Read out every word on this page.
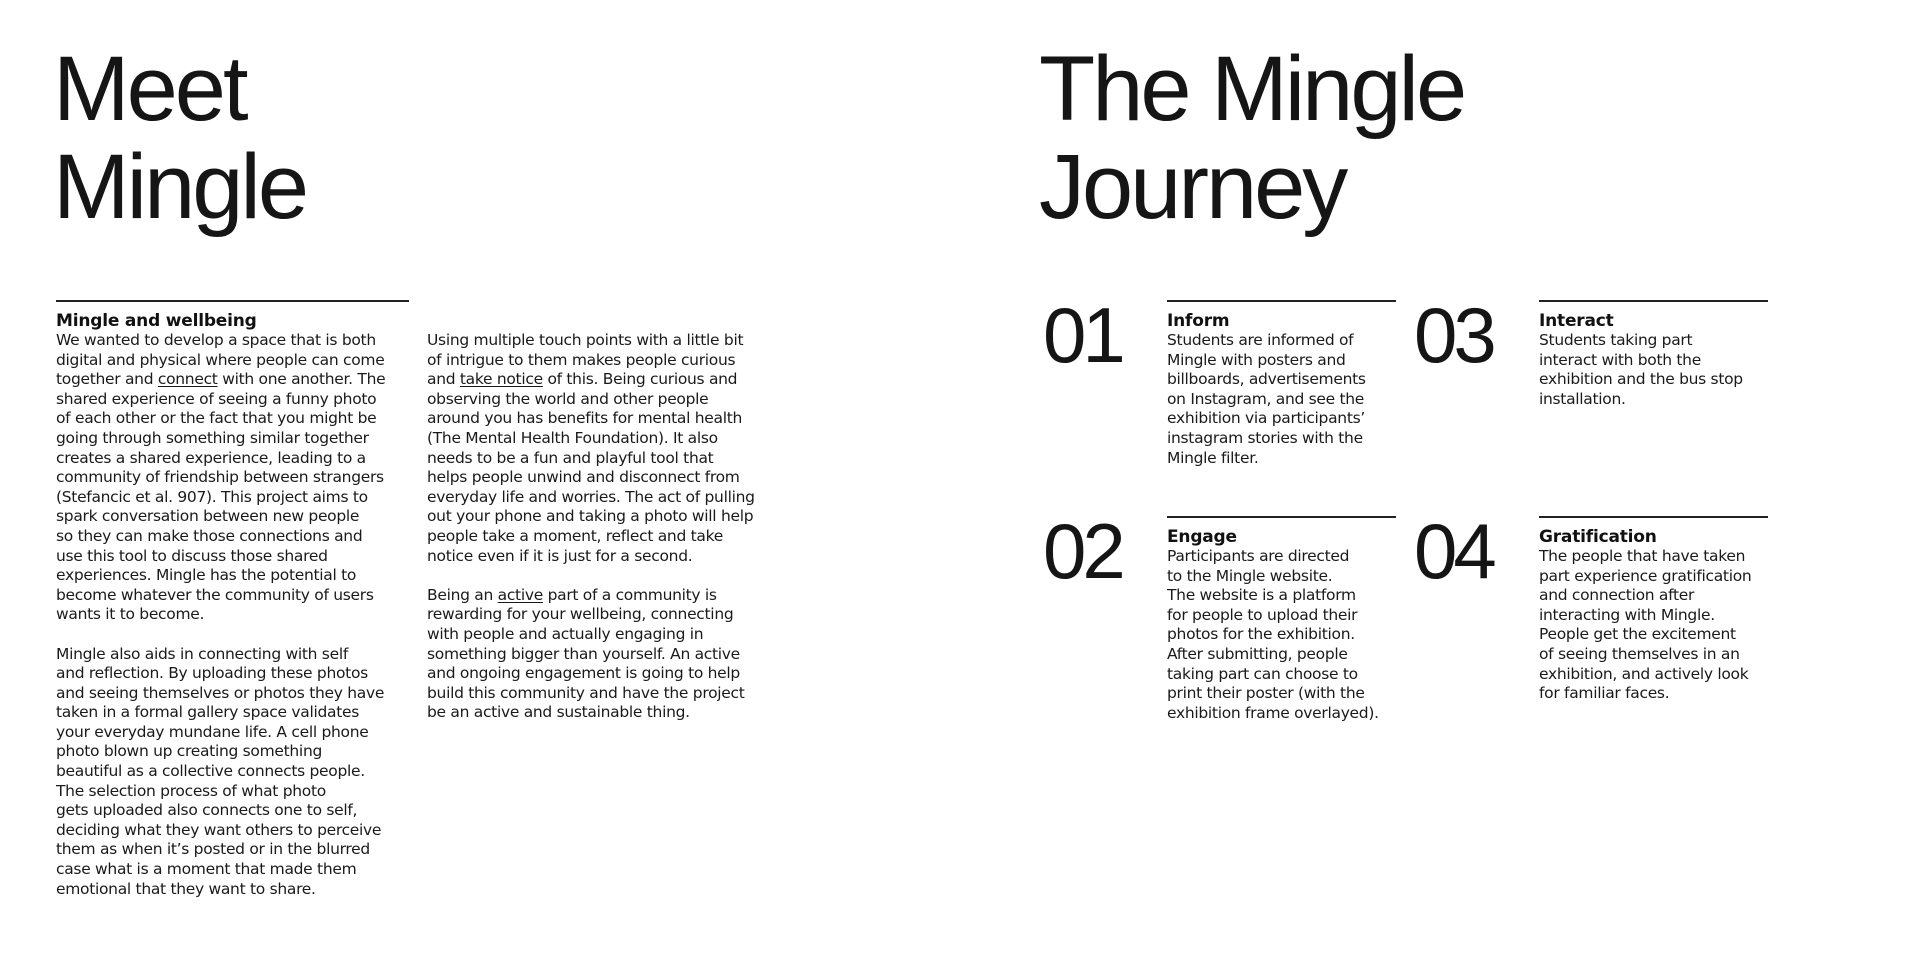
Meet
Mingle
Mingle and wellbeing
We wanted to develop a space that is both
digital and physical where people can come
together and connect with one another. The
shared experience of seeing a funny photo
of each other or the fact that you might be
going through something similar together
creates a shared experience, leading to a
community of friendship between strangers
(Stefancic et al. 907). This project aims to
spark conversation between new people
so they can make those connections and
use this tool to discuss those shared
experiences. Mingle has the potential to
become whatever the community of users
wants it to become.
Mingle also aids in connecting with self
and reflection. By uploading these photos
and seeing themselves or photos they have
taken in a formal gallery space validates
your everyday mundane life. A cell phone
photo blown up creating something
beautiful as a collective connects people.
The selection process of what photo
gets uploaded also connects one to self,
deciding what they want others to perceive
them as when it’s posted or in the blurred
case what is a moment that made them
emotional that they want to share.
Using multiple touch points with a little bit
of intrigue to them makes people curious
and take notice of this. Being curious and
observing the world and other people
around you has benefits for mental health
(The Mental Health Foundation). It also
needs to be a fun and playful tool that
helps people unwind and disconnect from
everyday life and worries. The act of pulling
out your phone and taking a photo will help
people take a moment, reflect and take
notice even if it is just for a second.
Being an active part of a community is
rewarding for your wellbeing, connecting
with people and actually engaging in
something bigger than yourself. An active
and ongoing engagement is going to help
build this community and have the project
be an active and sustainable thing.
The Mingle
Journey
01	Inform
Students are informed of
Mingle with posters and
billboards, advertisements
on Instagram, and see the
exhibition via participants’
instagram stories with the
Mingle filter.
02	Engage
Participants are directed
to the Mingle website.
The website is a platform
for people to upload their
photos for the exhibition.
After submitting, people
taking part can choose to
print their poster (with the
exhibition frame overlayed).
03	Interact
Students taking part
interact with both the
exhibition and the bus stop
installation.
04	Gratification
The people that have taken
part experience gratification
and connection after
interacting with Mingle.
People get the excitement
of seeing themselves in an
exhibition, and actively look
for familiar faces.
